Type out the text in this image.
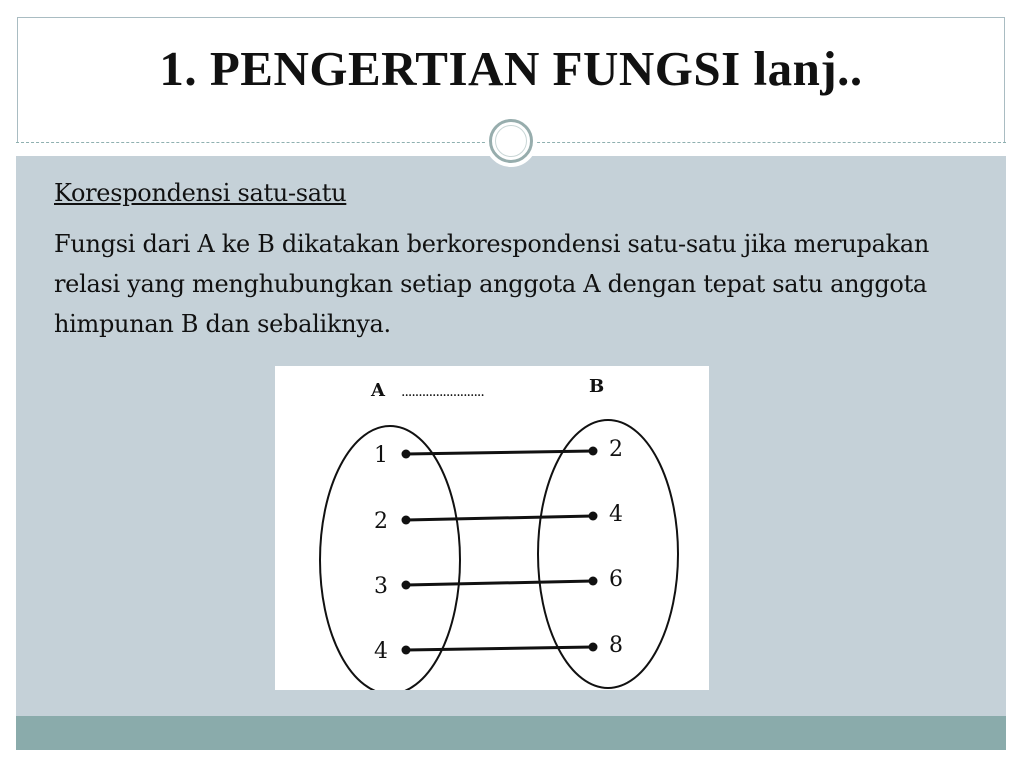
1. PENGERTIAN FUNGSI lanj..
Korespondensi satu-satu
Fungsi dari A ke B dikatakan berkorespondensi satu-satu jika merupakan relasi yang menghubungkan setiap anggota A dengan tepat satu anggota himpunan B dan sebaliknya.
A ........................	B
1
2
3
4
2
4
6
8
